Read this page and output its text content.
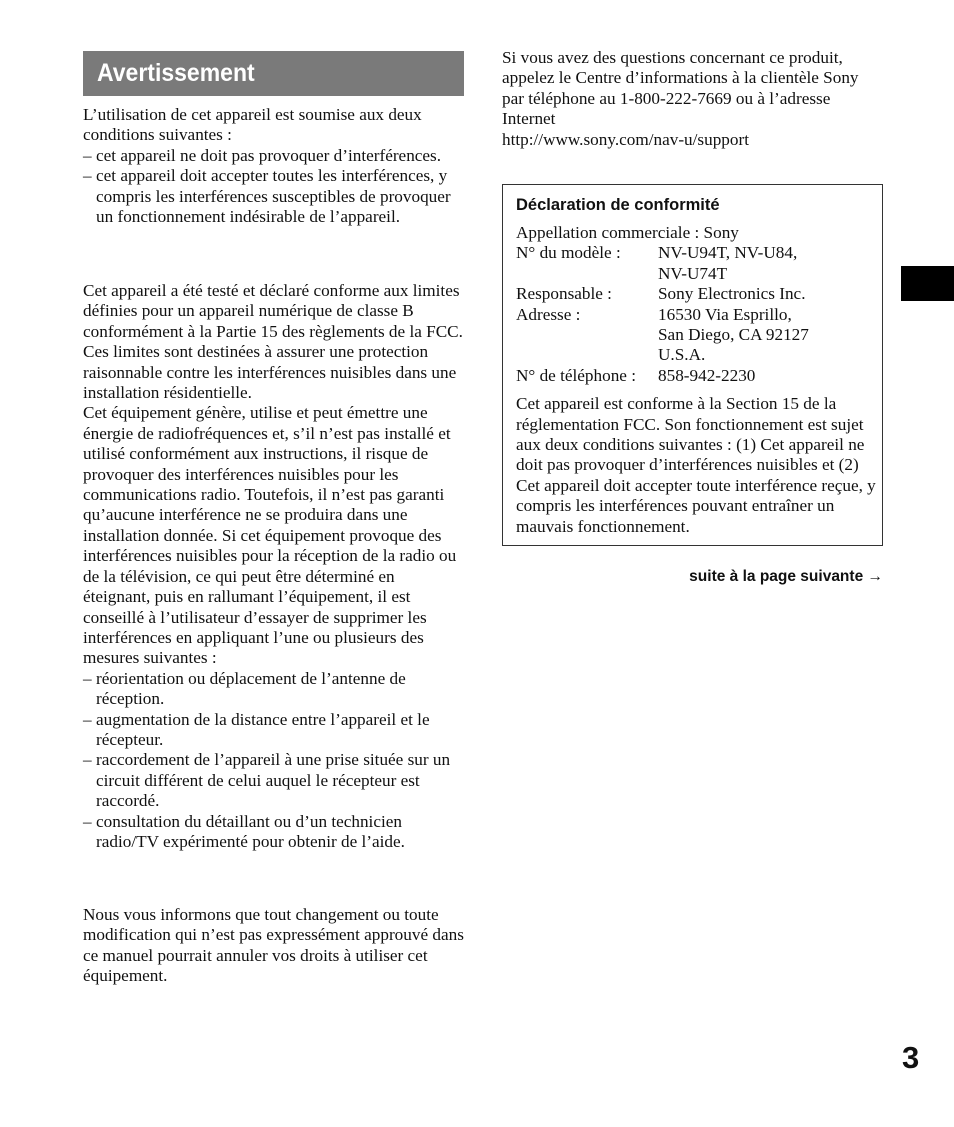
Avertissement

L’utilisation de cet appareil est soumise aux deux conditions suivantes :

– cet appareil ne doit pas provoquer d’interférences.
– cet appareil doit accepter toutes les interférences, y compris les interférences susceptibles de provoquer un fonctionnement indésirable de l’appareil.

Cet appareil a été testé et déclaré conforme aux limites définies pour un appareil numérique de classe B conformément à la Partie 15 des règlements de la FCC. Ces limites sont destinées à assurer une protection raisonnable contre les interférences nuisibles dans une installation résidentielle.

Cet équipement génère, utilise et peut émettre une énergie de radiofréquences et, s’il n’est pas installé et utilisé conformément aux instructions, il risque de provoquer des interférences nuisibles pour les communications radio. Toutefois, il n’est pas garanti qu’aucune interférence ne se produira dans une installation donnée. Si cet équipement provoque des interférences nuisibles pour la réception de la radio ou de la télévision, ce qui peut être déterminé en éteignant, puis en rallumant l’équipement, il est conseillé à l’utilisateur d’essayer de supprimer les interférences en appliquant l’une ou plusieurs des mesures suivantes :

– réorientation ou déplacement de l’antenne de réception.
– augmentation de la distance entre l’appareil et le récepteur.
– raccordement de l’appareil à une prise située sur un circuit différent de celui auquel le récepteur est raccordé.
– consultation du détaillant ou d’un technicien radio/TV expérimenté pour obtenir de l’aide.

Nous vous informons que tout changement ou toute modification qui n’est pas expressément approuvé dans ce manuel pourrait annuler vos droits à utiliser cet équipement.

Si vous avez des questions concernant ce produit, appelez le Centre d’informations à la clientèle Sony par téléphone au 1-800-222-7669 ou à l’adresse Internet

http://www.sony.com/nav-u/support

Déclaration de conformité

Appellation commerciale : Sony

N° du modèle :	NV-U94T, NV-U84,
NV-U74T
Responsable :	Sony Electronics Inc.
Adresse :	16530 Via Esprillo,
San Diego, CA 92127
U.S.A.
N° de téléphone :	858-942-2230

Cet appareil est conforme à la Section 15 de la réglementation FCC. Son fonctionnement est sujet aux deux conditions suivantes : (1) Cet appareil ne doit pas provoquer d’interférences nuisibles et (2) Cet appareil doit accepter toute interférence reçue, y compris les interférences pouvant entraîner un mauvais fonctionnement.

suite à la page suivante →
3
